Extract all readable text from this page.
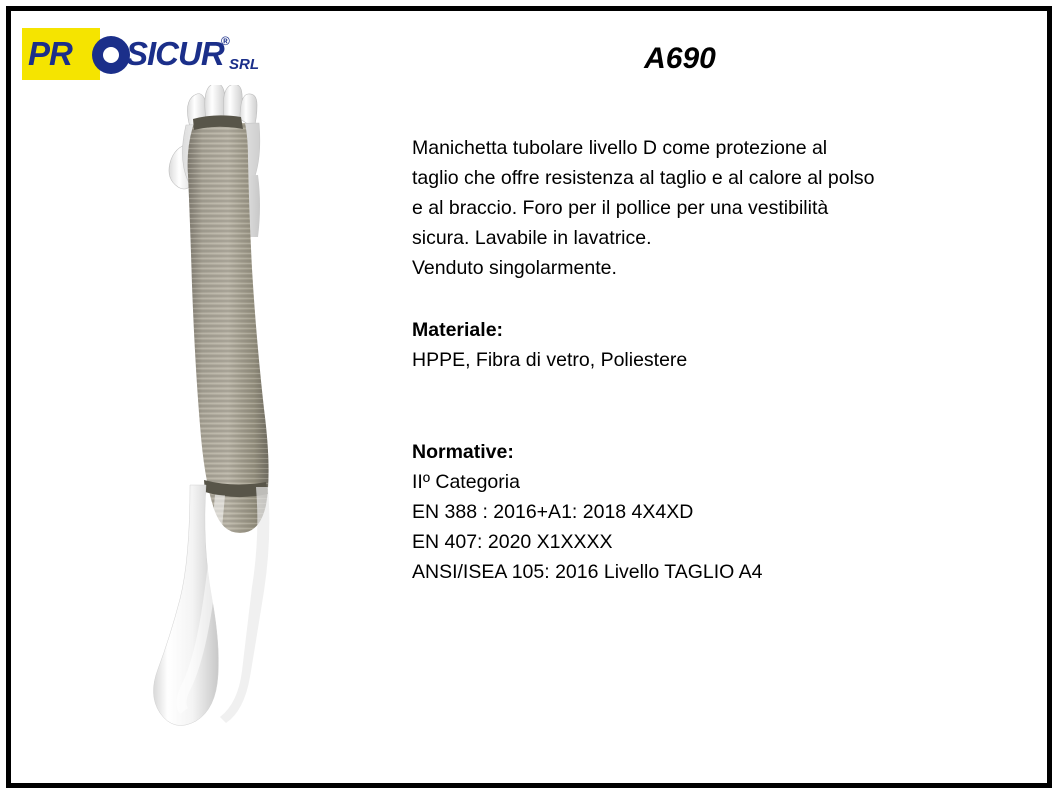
PR SICUR
®
SRL	A690

Manichetta tubolare livello D come protezione al

taglio che offre resistenza al taglio e al calore al polso

e al braccio. Foro per il pollice per una vestibilità

sicura. Lavabile in lavatrice.

Venduto singolarmente.

Materiale:

HPPE, Fibra di vetro, Poliestere

Normative:

IIº Categoria

EN 388 : 2016+A1: 2018 4X4XD

EN 407: 2020 X1XXXX

ANSI/ISEA 105: 2016 Livello TAGLIO A4
